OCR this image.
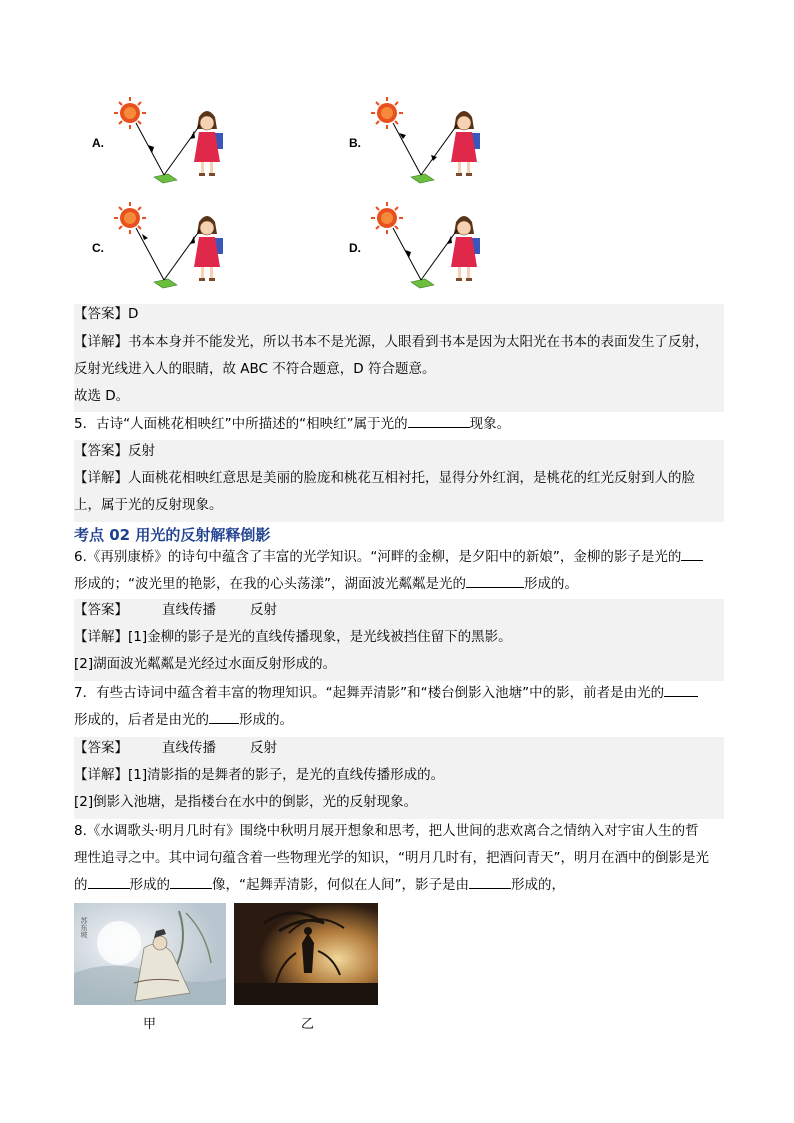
A.	B.
C.	D.
【答案】D
【详解】书本本身并不能发光，所以书本不是光源，人眼看到书本是因为太阳光在书本的表面发生了反射，
反射光线进入人的眼睛，故 ABC 不符合题意，D 符合题意。
故选 D。
5．古诗“人面桃花相映红”中所描述的“相映红”属于光的	现象。
【答案】反射
【详解】人面桃花相映红意思是美丽的脸庞和桃花互相衬托，显得分外红润，是桃花的红光反射到人的脸
上，属于光的反射现象。
考点 02 用光的反射解释倒影
6.《再别康桥》的诗句中蕴含了丰富的光学知识。“河畔的金柳，是夕阳中的新娘”，金柳的影子是光的
形成的；“波光里的艳影，在我的心头荡漾”，湖面波光粼粼是光的	形成的。
【答案】	直线传播	反射
【详解】[1]金柳的影子是光的直线传播现象，是光线被挡住留下的黑影。
[2]湖面波光粼粼是光经过水面反射形成的。
7．有些古诗词中蕴含着丰富的物理知识。“起舞弄清影”和“楼台倒影入池塘”中的影，前者是由光的
形成的，后者是由光的 形成的。
【答案】	直线传播	反射
【详解】[1]清影指的是舞者的影子，是光的直线传播形成的。
[2]倒影入池塘，是指楼台在水中的倒影，光的反射现象。
8.《水调歌头·明月几时有》围绕中秋明月展开想象和思考，把人世间的悲欢离合之情纳入对宇宙人生的哲
理性追寻之中。其中词句蕴含着一些物理光学的知识，“明月几时有，把酒问青天”，明月在酒中的倒影是光
的	形成的	像，“起舞弄清影，何似在人间”，影子是由	形成的，
苏东坡
甲	乙
